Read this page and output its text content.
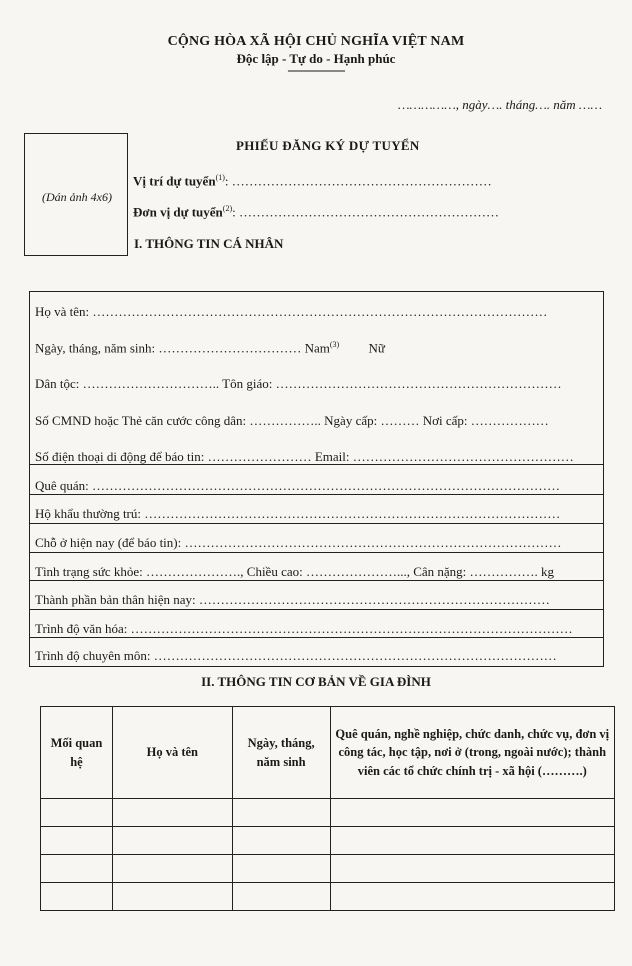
CỘNG HÒA XÃ HỘI CHỦ NGHĨA VIỆT NAM
Độc lập - Tự do - Hạnh phúc
-------------------
……………, ngày…. tháng…. năm ……
(Dán ảnh 4x6)
PHIẾU ĐĂNG KÝ DỰ TUYỂN
Vị trí dự tuyển$^{(1)}$: ……………………………………………………
Đơn vị dự tuyển$^{(2)}$: ……………………………………………………
I. THÔNG TIN CÁ NHÂN
Họ và tên: ……………………………………………………………………………………………
Ngày, tháng, năm sinh: …………………………… Nam$^{(3)}$         Nữ
Dân tộc: ………………………….. Tôn giáo: …………………………………………………………
Số CMND hoặc Thẻ căn cước công dân: …………….. Ngày cấp: ……… Nơi cấp: ………………
Số điện thoại di động để báo tin: …………………… Email: ……………………………………………
Quê quán: ………………………………………………………………………………………………
Hộ khẩu thường trú: ……………………………………………………………………………………
Chỗ ở hiện nay (để báo tin): ……………………………………………………………………………
Tình trạng sức khỏe: …………………., Chiều cao: …………………..., Cân nặng: ……………. kg
Thành phần bản thân hiện nay: ………………………………………………………………………
Trình độ văn hóa: …………………………………………………………………………………………
Trình độ chuyên môn: …………………………………………………………………………………
II. THÔNG TIN CƠ BẢN VỀ GIA ĐÌNH
Mối quan hệ	Họ và tên	Ngày, tháng, năm sinh	Quê quán, nghề nghiệp, chức danh, chức vụ, đơn vị công tác, học tập, nơi ở (trong, ngoài nước); thành viên các tổ chức chính trị - xã hội (……….)
